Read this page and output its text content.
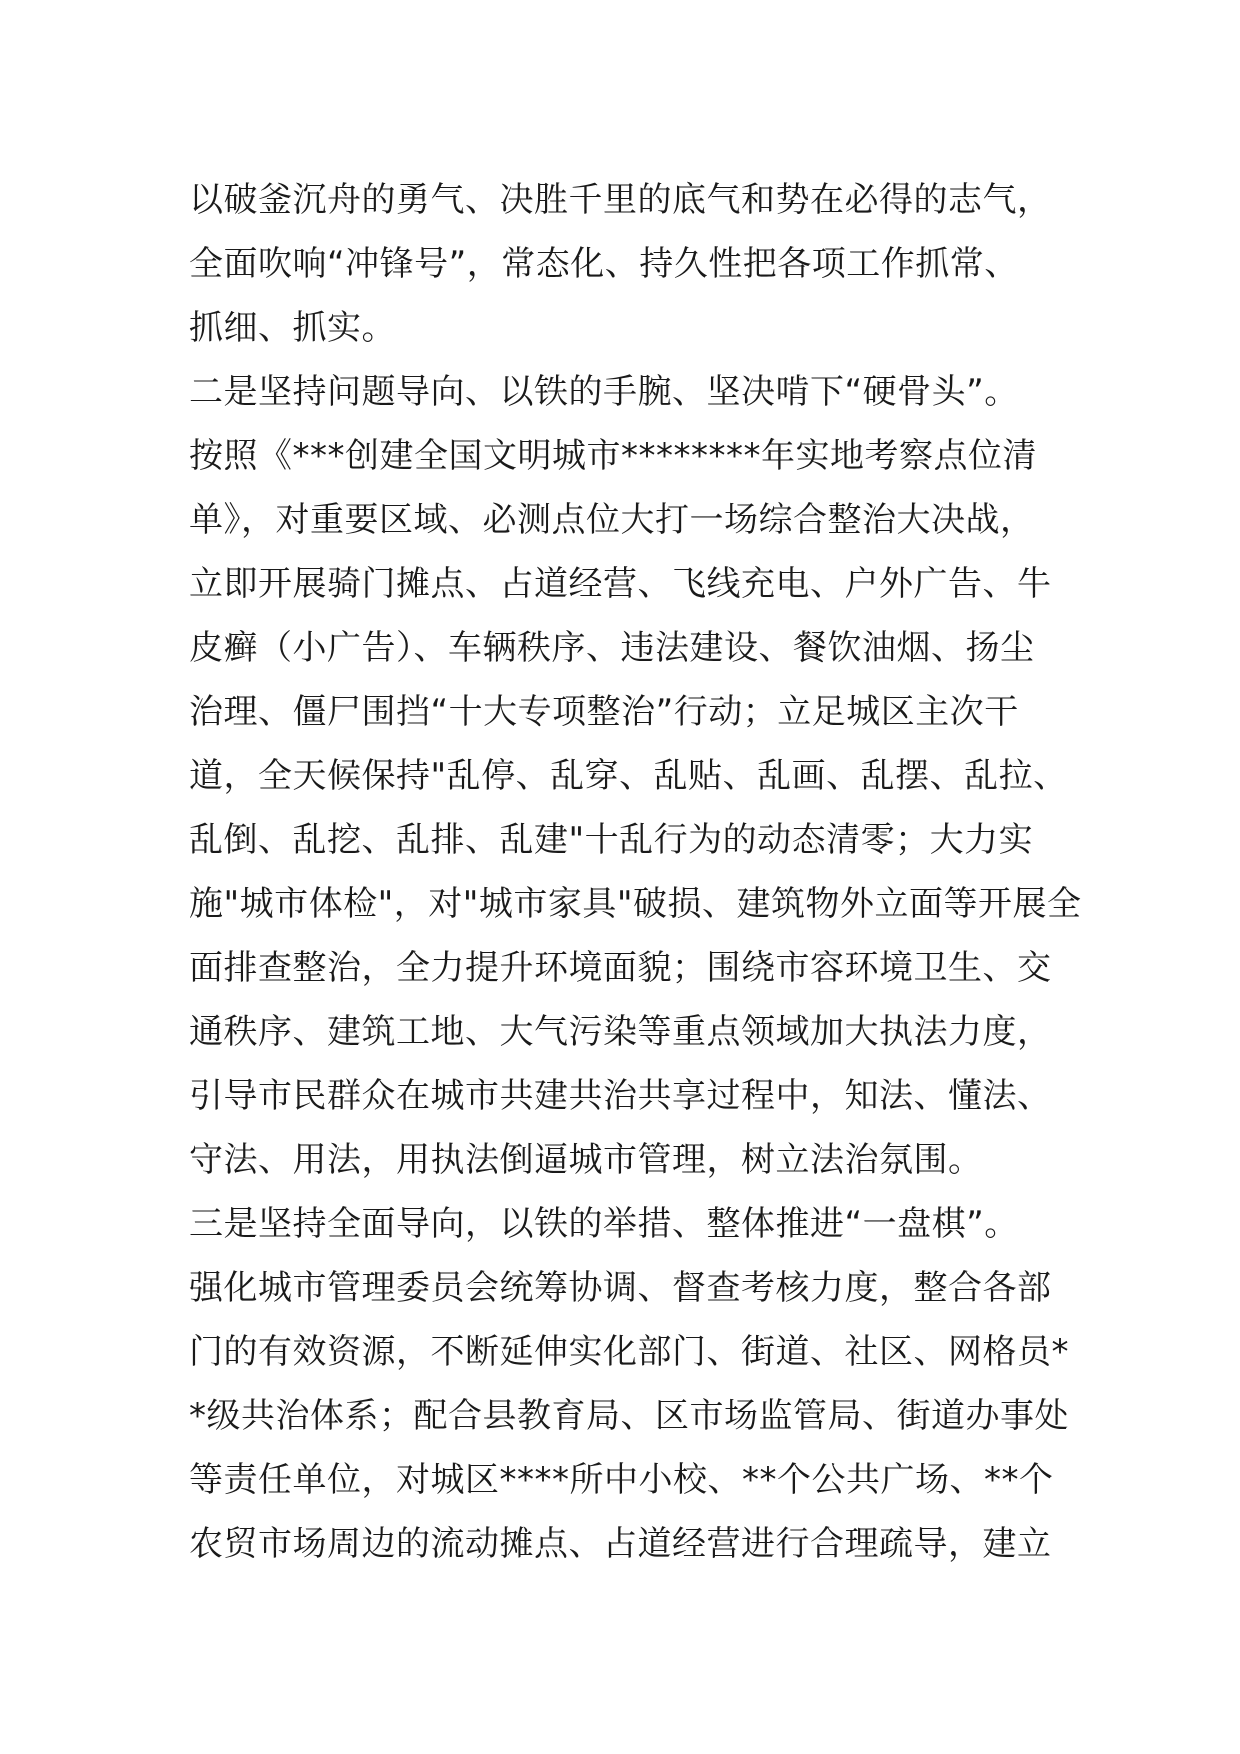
以破釜沉舟的勇气、决胜千里的底气和势在必得的志气，
全面吹响“冲锋号”，常态化、持久性把各项工作抓常、
抓细、抓实。
二是坚持问题导向、以铁的手腕、坚决啃下“硬骨头”。
按照《***创建全国文明城市********年实地考察点位清
单》，对重要区域、必测点位大打一场综合整治大决战，
立即开展骑门摊点、占道经营、飞线充电、户外广告、牛
皮癣（小广告）、车辆秩序、违法建设、餐饮油烟、扬尘
治理、僵尸围挡“十大专项整治”行动；立足城区主次干
道，全天候保持"乱停、乱穿、乱贴、乱画、乱摆、乱拉、
乱倒、乱挖、乱排、乱建"十乱行为的动态清零；大力实
施"城市体检"，对"城市家具"破损、建筑物外立面等开展全
面排查整治，全力提升环境面貌；围绕市容环境卫生、交
通秩序、建筑工地、大气污染等重点领域加大执法力度，
引导市民群众在城市共建共治共享过程中，知法、懂法、
守法、用法，用执法倒逼城市管理，树立法治氛围。
三是坚持全面导向，以铁的举措、整体推进“一盘棋”。
强化城市管理委员会统筹协调、督查考核力度，整合各部
门的有效资源，不断延伸实化部门、街道、社区、网格员*
*级共治体系；配合县教育局、区市场监管局、街道办事处
等责任单位，对城区****所中小校、**个公共广场、**个
农贸市场周边的流动摊点、占道经营进行合理疏导，建立
